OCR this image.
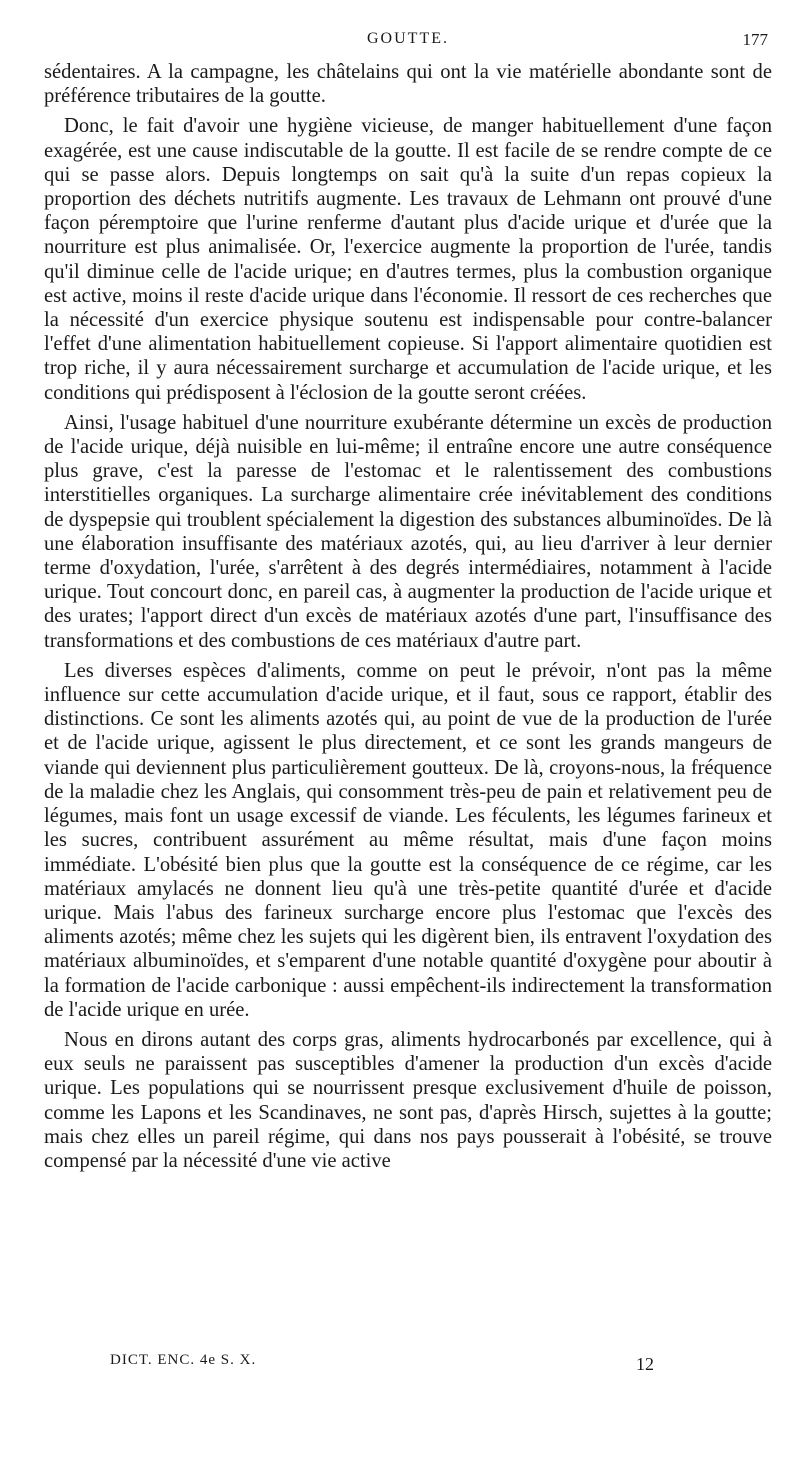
GOUTTE.	177

sédentaires. A la campagne, les châtelains qui ont la vie matérielle abondante sont de préférence tributaires de la goutte.

Donc, le fait d'avoir une hygiène vicieuse, de manger habituellement d'une façon exagérée, est une cause indiscutable de la goutte. Il est facile de se rendre compte de ce qui se passe alors. Depuis longtemps on sait qu'à la suite d'un repas copieux la proportion des déchets nutritifs augmente. Les travaux de Lehmann ont prouvé d'une façon péremptoire que l'urine renferme d'autant plus d'acide urique et d'urée que la nourriture est plus animalisée. Or, l'exercice augmente la proportion de l'urée, tandis qu'il diminue celle de l'acide urique; en d'autres termes, plus la combustion organique est active, moins il reste d'acide urique dans l'économie. Il ressort de ces recherches que la nécessité d'un exercice physique soutenu est indispensable pour contre-balancer l'effet d'une alimentation habituellement copieuse. Si l'apport alimentaire quotidien est trop riche, il y aura nécessairement surcharge et accumulation de l'acide urique, et les conditions qui prédisposent à l'éclosion de la goutte seront créées.

Ainsi, l'usage habituel d'une nourriture exubérante détermine un excès de production de l'acide urique, déjà nuisible en lui-même; il entraîne encore une autre conséquence plus grave, c'est la paresse de l'estomac et le ralentissement des combustions interstitielles organiques. La surcharge alimentaire crée inévitablement des conditions de dyspepsie qui troublent spécialement la digestion des substances albuminoïdes. De là une élaboration insuffisante des matériaux azotés, qui, au lieu d'arriver à leur dernier terme d'oxydation, l'urée, s'arrêtent à des degrés intermédiaires, notamment à l'acide urique. Tout concourt donc, en pareil cas, à augmenter la production de l'acide urique et des urates; l'apport direct d'un excès de matériaux azotés d'une part, l'insuffisance des transformations et des combustions de ces matériaux d'autre part.

Les diverses espèces d'aliments, comme on peut le prévoir, n'ont pas la même influence sur cette accumulation d'acide urique, et il faut, sous ce rapport, établir des distinctions. Ce sont les aliments azotés qui, au point de vue de la production de l'urée et de l'acide urique, agissent le plus directement, et ce sont les grands mangeurs de viande qui deviennent plus particulièrement goutteux. De là, croyons-nous, la fréquence de la maladie chez les Anglais, qui consomment très-peu de pain et relativement peu de légumes, mais font un usage excessif de viande. Les féculents, les légumes farineux et les sucres, contribuent assurément au même résultat, mais d'une façon moins immédiate. L'obésité bien plus que la goutte est la conséquence de ce régime, car les matériaux amylacés ne donnent lieu qu'à une très-petite quantité d'urée et d'acide urique. Mais l'abus des farineux surcharge encore plus l'estomac que l'excès des aliments azotés; même chez les sujets qui les digèrent bien, ils entravent l'oxydation des matériaux albuminoïdes, et s'emparent d'une notable quantité d'oxygène pour aboutir à la formation de l'acide carbonique : aussi empêchent-ils indirectement la transformation de l'acide urique en urée.

Nous en dirons autant des corps gras, aliments hydrocarbonés par excellence, qui à eux seuls ne paraissent pas susceptibles d'amener la production d'un excès d'acide urique. Les populations qui se nourrissent presque exclusivement d'huile de poisson, comme les Lapons et les Scandinaves, ne sont pas, d'après Hirsch, sujettes à la goutte; mais chez elles un pareil régime, qui dans nos pays pousserait à l'obésité, se trouve compensé par la nécessité d'une vie active

DICT. ENC. 4e S. X.	12
